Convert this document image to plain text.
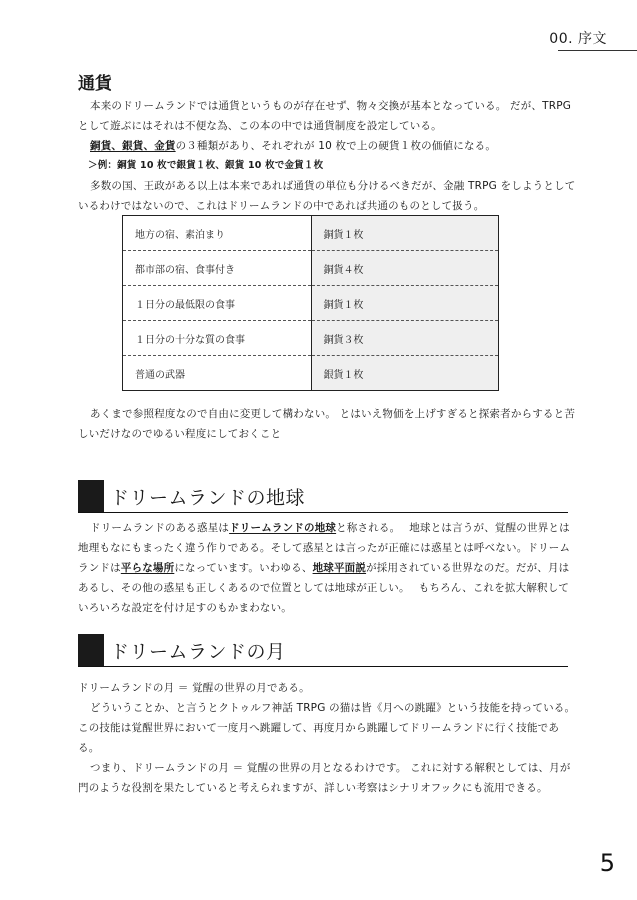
00. 序文
通貨

本来のドリームランドでは通貨というものが存在せず、物々交換が基本となっている。 だが、TRPG として遊ぶにはそれは不便な為、この本の中では通貨制度を設定している。

銅貨、銀貨、金貨の３種類があり、それぞれが 10 枚で上の硬貨１枚の価値になる。

＞例：銅貨 10 枚で銀貨１枚、銀貨 10 枚で金貨１枚

多数の国、王政がある以上は本来であれば通貨の単位も分けるべきだが、金融 TRPG をしようとしているわけではないので、これはドリームランドの中であれば共通のものとして扱う。

地方の宿、素泊まり	銅貨１枚
都市部の宿、食事付き	銅貨４枚
１日分の最低限の食事	銅貨１枚
１日分の十分な質の食事	銅貨３枚
普通の武器	銀貨１枚

あくまで参照程度なので自由に変更して構わない。 とはいえ物価を上げすぎると探索者からすると苦しいだけなのでゆるい程度にしておくこと

ドリームランドの地球

ドリームランドのある惑星はドリームランドの地球と称される。　 地球とは言うが、覚醒の世界とは地理もなにもまったく違う作りである。そして惑星とは言ったが正確には惑星とは呼べない。ドリームランドは平らな場所になっています。いわゆる、地球平面説が採用されている世界なのだ。だが、月はあるし、その他の惑星も正しくあるので位置としては地球が正しい。　 もちろん、これを拡大解釈していろいろな設定を付け足すのもかまわない。

ドリームランドの月

ドリームランドの月 ＝ 覚醒の世界の月である。

どういうことか、と言うとクトゥルフ神話 TRPG の猫は皆《月への跳躍》という技能を持っている。この技能は覚醒世界において一度月へ跳躍して、再度月から跳躍してドリームランドに行く技能である。

つまり、ドリームランドの月 ＝ 覚醒の世界の月となるわけです。 これに対する解釈としては、月が門のような役割を果たしていると考えられますが、詳しい考察はシナリオフックにも流用できる。

5
